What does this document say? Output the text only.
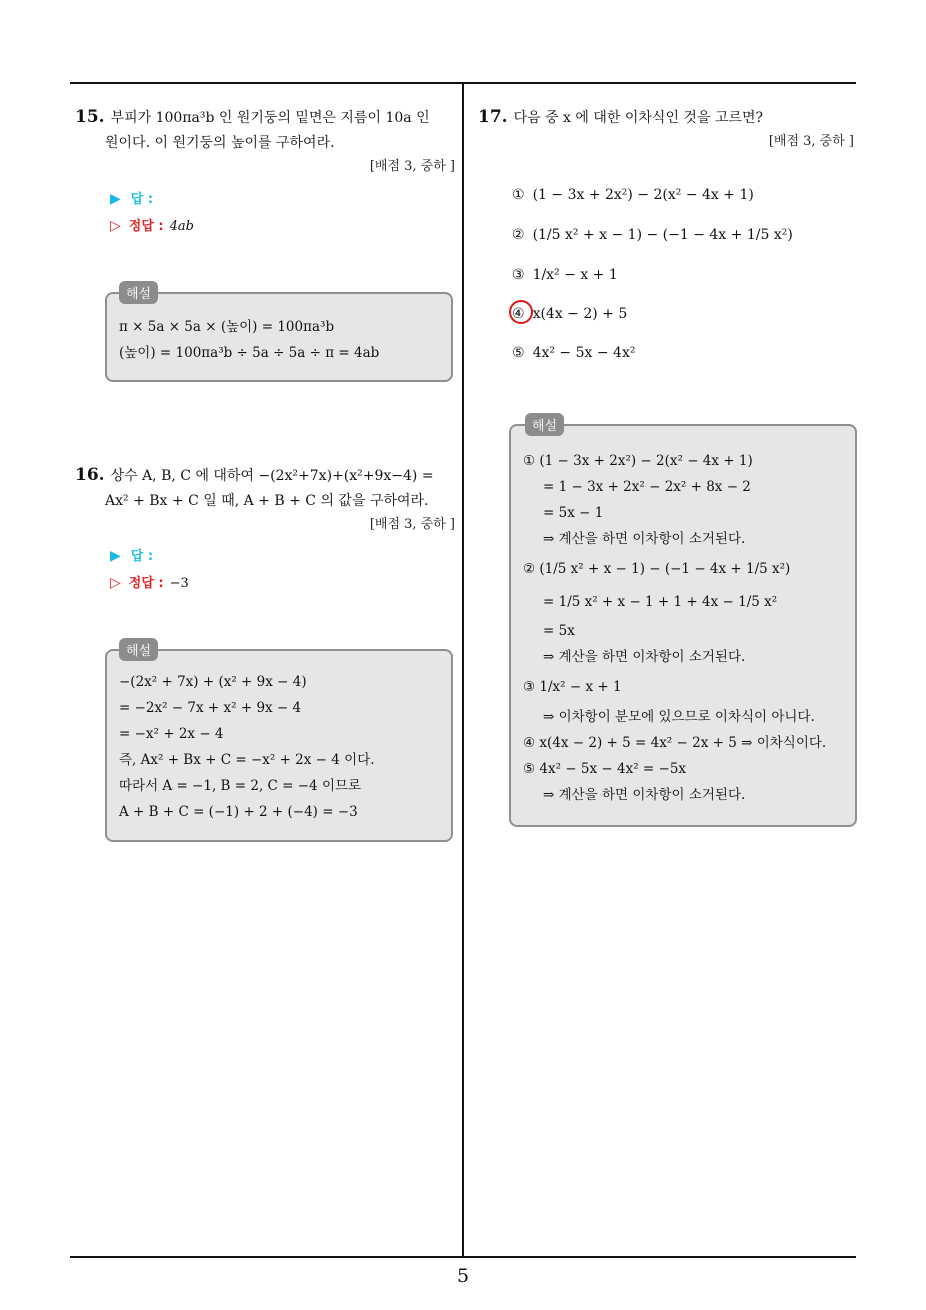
5
15. 부피가 100πa³b 인 원기둥의 밑면은 지름이 10a 인
원이다. 이 원기둥의 높이를 구하여라.
[배점 3, 중하 ]
▶ 답 :
▷ 정답 : 4ab
해설
π × 5a × 5a × (높이) = 100πa³b
(높이) = 100πa³b ÷ 5a ÷ 5a ÷ π = 4ab
16. 상수 A, B, C 에 대하여 −(2x²+7x)+(x²+9x−4) =
Ax² + Bx + C 일 때, A + B + C 의 값을 구하여라.
[배점 3, 중하 ]
▶ 답 :
▷ 정답 : −3
해설
−(2x² + 7x) + (x² + 9x − 4)
= −2x² − 7x + x² + 9x − 4
= −x² + 2x − 4
즉, Ax² + Bx + C = −x² + 2x − 4 이다.
따라서 A = −1, B = 2, C = −4 이므로
A + B + C = (−1) + 2 + (−4) = −3
17. 다음 중 x 에 대한 이차식인 것을 고르면?
[배점 3, 중하 ]
① (1 − 3x + 2x²) − 2(x² − 4x + 1)
② (1/5 x² + x − 1) − (−1 − 4x + 1/5 x²)
③ 1/x² − x + 1
④ x(4x − 2) + 5
⑤ 4x² − 5x − 4x²
해설
① (1 − 3x + 2x²) − 2(x² − 4x + 1)
= 1 − 3x + 2x² − 2x² + 8x − 2
= 5x − 1
⇒ 계산을 하면 이차항이 소거된다.
② (1/5 x² + x − 1) − (−1 − 4x + 1/5 x²)
= 1/5 x² + x − 1 + 1 + 4x − 1/5 x²
= 5x
⇒ 계산을 하면 이차항이 소거된다.
③ 1/x² − x + 1
⇒ 이차항이 분모에 있으므로 이차식이 아니다.
④ x(4x − 2) + 5 = 4x² − 2x + 5 ⇒ 이차식이다.
⑤ 4x² − 5x − 4x² = −5x
⇒ 계산을 하면 이차항이 소거된다.
